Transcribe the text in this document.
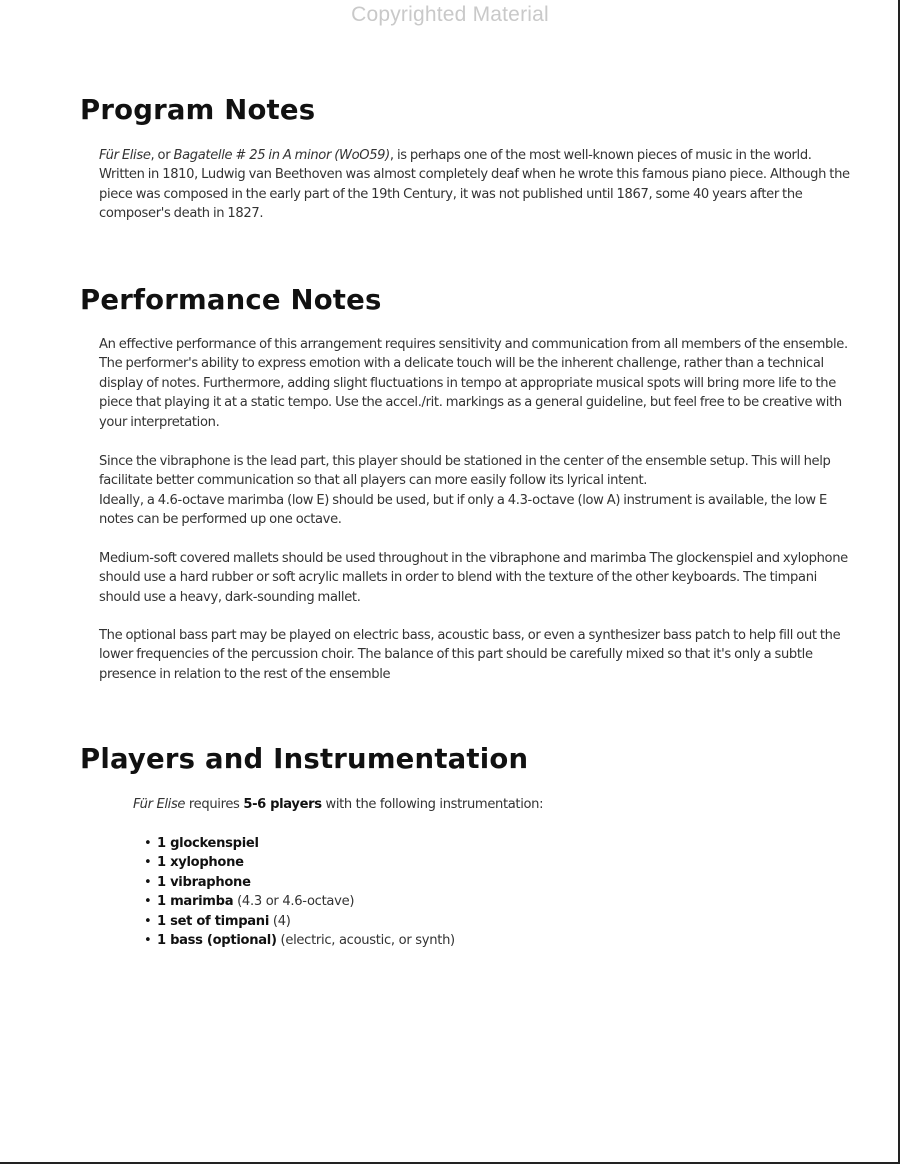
Copyrighted Material
Program Notes

Für Elise, or Bagatelle # 25 in A minor (WoO59), is perhaps one of the most well-known pieces of music in the world. Written in 1810, Ludwig van Beethoven was almost completely deaf when he wrote this famous piano piece. Although the piece was composed in the early part of the 19th Century, it was not published until 1867, some 40 years after the composer's death in 1827.

Performance Notes

An effective performance of this arrangement requires sensitivity and communication from all members of the ensemble. The performer's ability to express emotion with a delicate touch will be the inherent challenge, rather than a technical display of notes. Furthermore, adding slight fluctuations in tempo at appropriate musical spots will bring more life to the piece that playing it at a static tempo. Use the accel./rit. markings as a general guideline, but feel free to be creative with your interpretation.

Since the vibraphone is the lead part, this player should be stationed in the center of the ensemble setup. This will help facilitate better communication so that all players can more easily follow its lyrical intent.

Ideally, a 4.6-octave marimba (low E) should be used, but if only a 4.3-octave (low A) instrument is available, the low E notes can be performed up one octave.

Medium-soft covered mallets should be used throughout in the vibraphone and marimba The glockenspiel and xylophone should use a hard rubber or soft acrylic mallets in order to blend with the texture of the other keyboards. The timpani should use a heavy, dark-sounding mallet.

The optional bass part may be played on electric bass, acoustic bass, or even a synthesizer bass patch to help fill out the lower frequencies of the percussion choir. The balance of this part should be carefully mixed so that it's only a subtle presence in relation to the rest of the ensemble

Players and Instrumentation

Für Elise requires 5-6 players with the following instrumentation:

• 1 glockenspiel
• 1 xylophone
• 1 vibraphone
• 1 marimba (4.3 or 4.6-octave)
• 1 set of timpani (4)
• 1 bass (optional) (electric, acoustic, or synth)
